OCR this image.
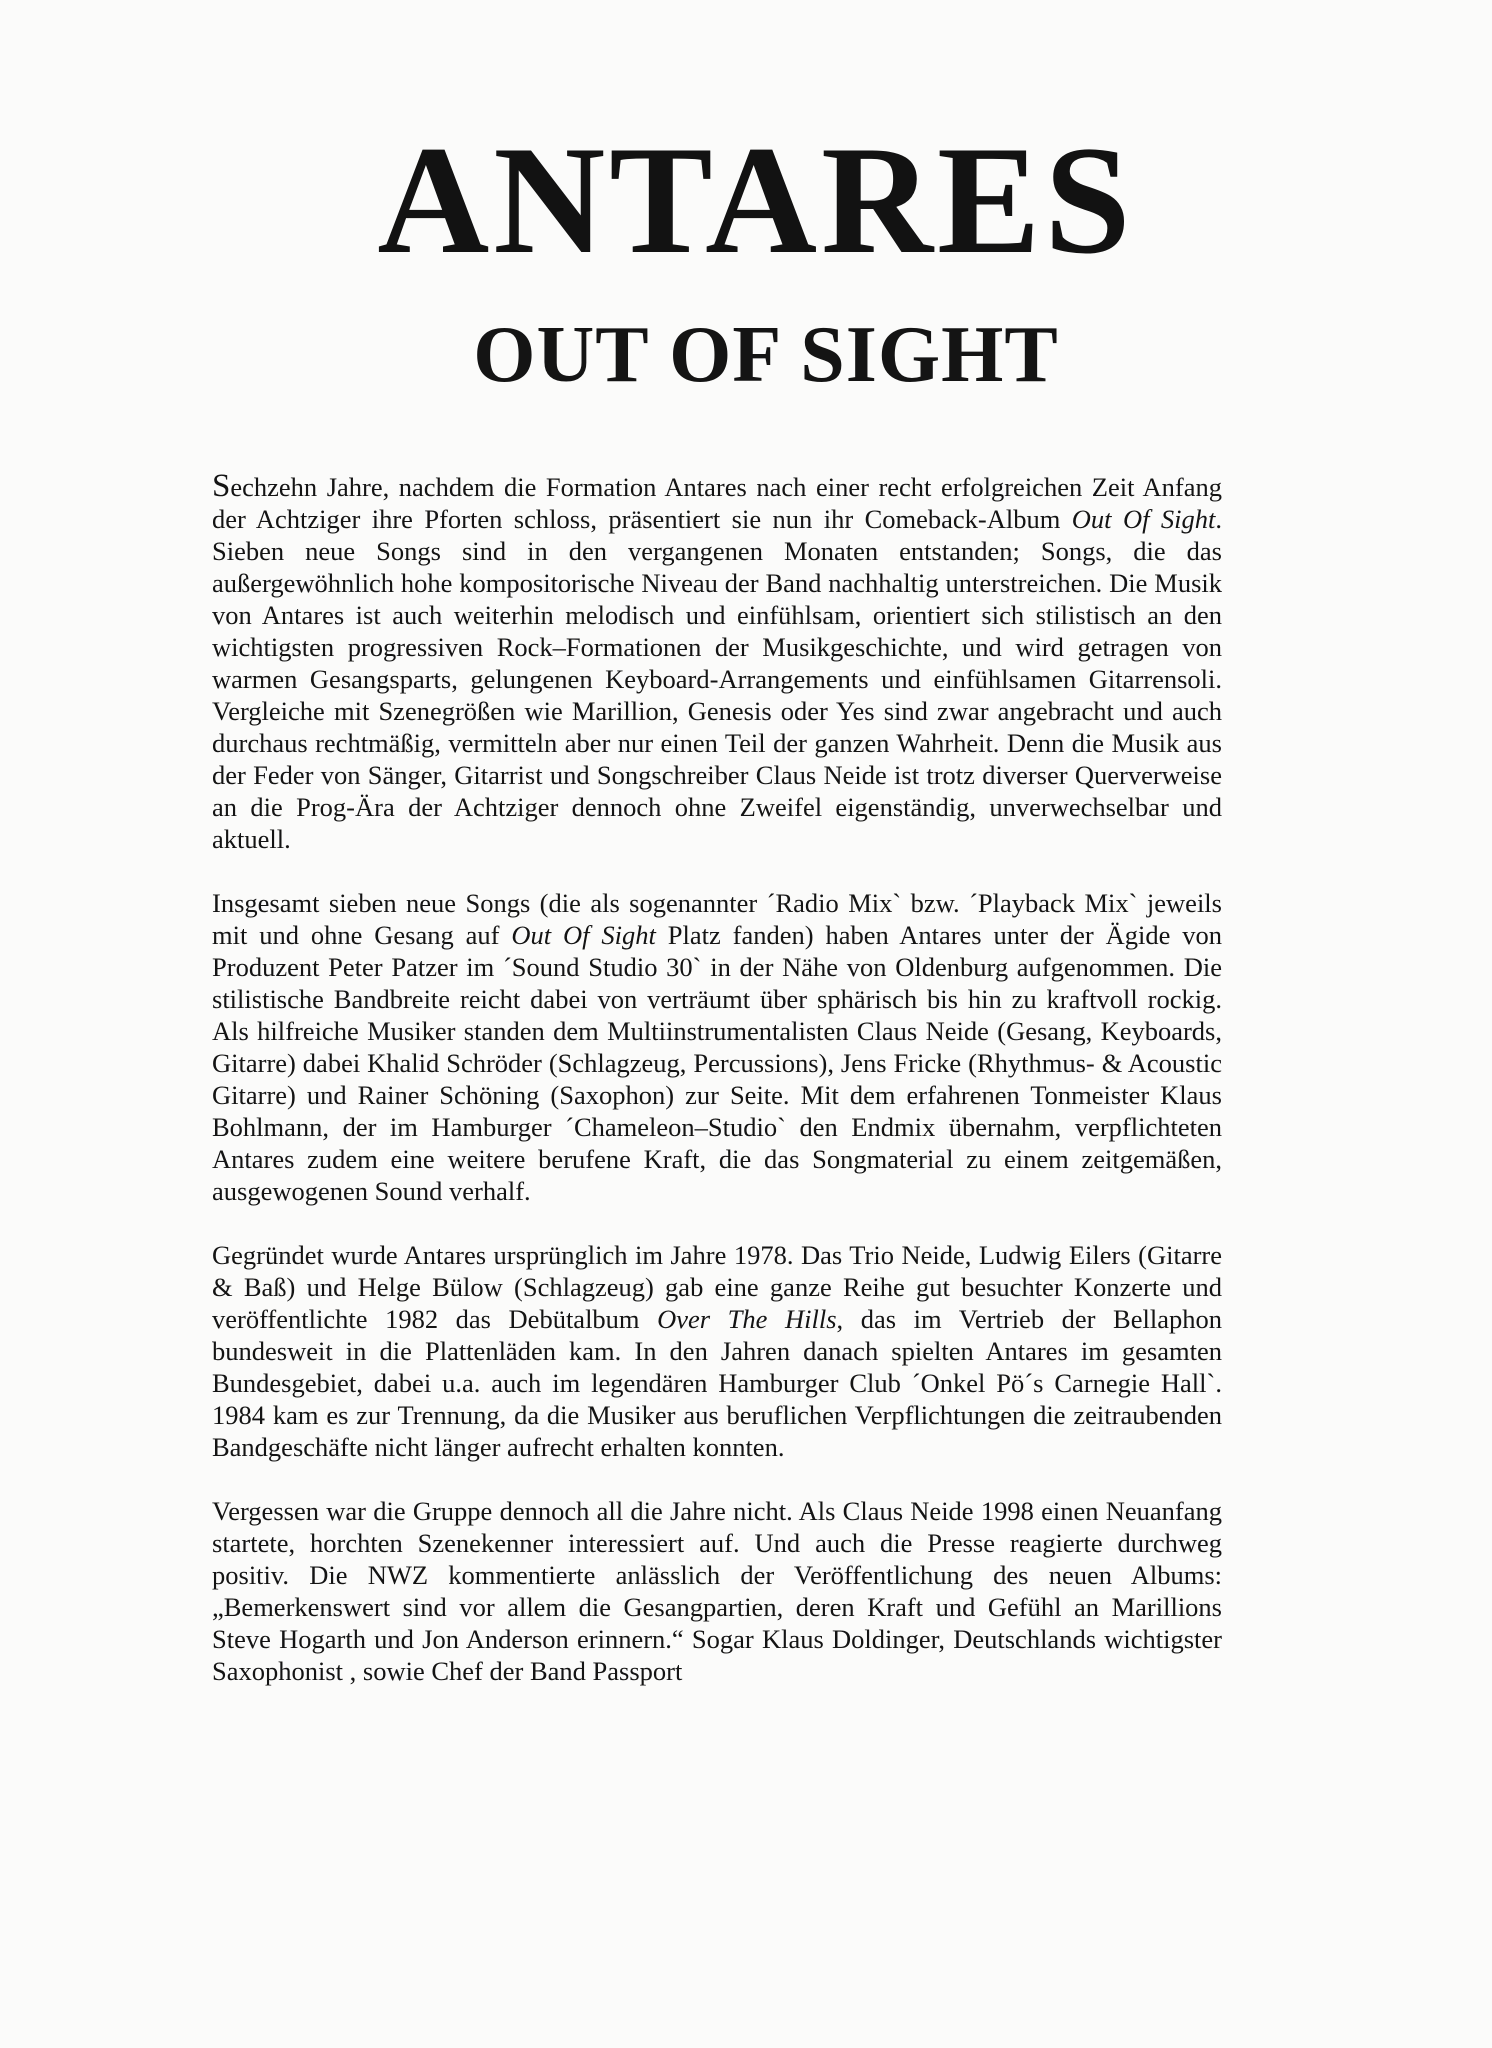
ANTARES
OUT OF SIGHT

Sechzehn Jahre, nachdem die Formation Antares nach einer recht erfolgreichen Zeit Anfang der Achtziger ihre Pforten schloss, präsentiert sie nun ihr Comeback-Album Out Of Sight. Sieben neue Songs sind in den vergangenen Monaten entstanden; Songs, die das außergewöhnlich hohe kompositorische Niveau der Band nachhaltig unterstreichen. Die Musik von Antares ist auch weiterhin melodisch und einfühlsam, orientiert sich stilistisch an den wichtigsten progressiven Rock–Formationen der Musikgeschichte, und wird getragen von warmen Gesangsparts, gelungenen Keyboard-Arrangements und einfühlsamen Gitarrensoli. Vergleiche mit Szenegrößen wie Marillion, Genesis oder Yes sind zwar angebracht und auch durchaus rechtmäßig, vermitteln aber nur einen Teil der ganzen Wahrheit. Denn die Musik aus der Feder von Sänger, Gitarrist und Songschreiber Claus Neide ist trotz diverser Querverweise an die Prog-Ära der Achtziger dennoch ohne Zweifel eigenständig, unverwechselbar und aktuell.

Insgesamt sieben neue Songs (die als sogenannter ´Radio Mix` bzw. ´Playback Mix` jeweils mit und ohne Gesang auf Out Of Sight Platz fanden) haben Antares unter der Ägide von Produzent Peter Patzer im ´Sound Studio 30` in der Nähe von Oldenburg aufgenommen. Die stilistische Bandbreite reicht dabei von verträumt über sphärisch bis hin zu kraftvoll rockig. Als hilfreiche Musiker standen dem Multiinstrumentalisten Claus Neide (Gesang, Keyboards, Gitarre) dabei Khalid Schröder (Schlagzeug, Percussions), Jens Fricke (Rhythmus- & Acoustic Gitarre) und Rainer Schöning (Saxophon) zur Seite. Mit dem erfahrenen Tonmeister Klaus Bohlmann, der im Hamburger ´Chameleon–Studio` den Endmix übernahm, verpflichteten Antares zudem eine weitere berufene Kraft, die das Songmaterial zu einem zeitgemäßen, ausgewogenen Sound verhalf.

Gegründet wurde Antares ursprünglich im Jahre 1978. Das Trio Neide, Ludwig Eilers (Gitarre & Baß) und Helge Bülow (Schlagzeug) gab eine ganze Reihe gut besuchter Konzerte und veröffentlichte 1982 das Debütalbum Over The Hills, das im Vertrieb der Bellaphon bundesweit in die Plattenläden kam. In den Jahren danach spielten Antares im gesamten Bundesgebiet, dabei u.a. auch im legendären Hamburger Club ´Onkel Pö´s Carnegie Hall`. 1984 kam es zur Trennung, da die Musiker aus beruflichen Verpflichtungen die zeitraubenden Bandgeschäfte nicht länger aufrecht erhalten konnten.

Vergessen war die Gruppe dennoch all die Jahre nicht. Als Claus Neide 1998 einen Neuanfang startete, horchten Szenekenner interessiert auf. Und auch die Presse reagierte durchweg positiv. Die NWZ kommentierte anlässlich der Veröffentlichung des neuen Albums: „Bemerkenswert sind vor allem die Gesangpartien, deren Kraft und Gefühl an Marillions Steve Hogarth und Jon Anderson erinnern.“ Sogar Klaus Doldinger, Deutschlands wichtigster Saxophonist , sowie Chef der Band Passport
